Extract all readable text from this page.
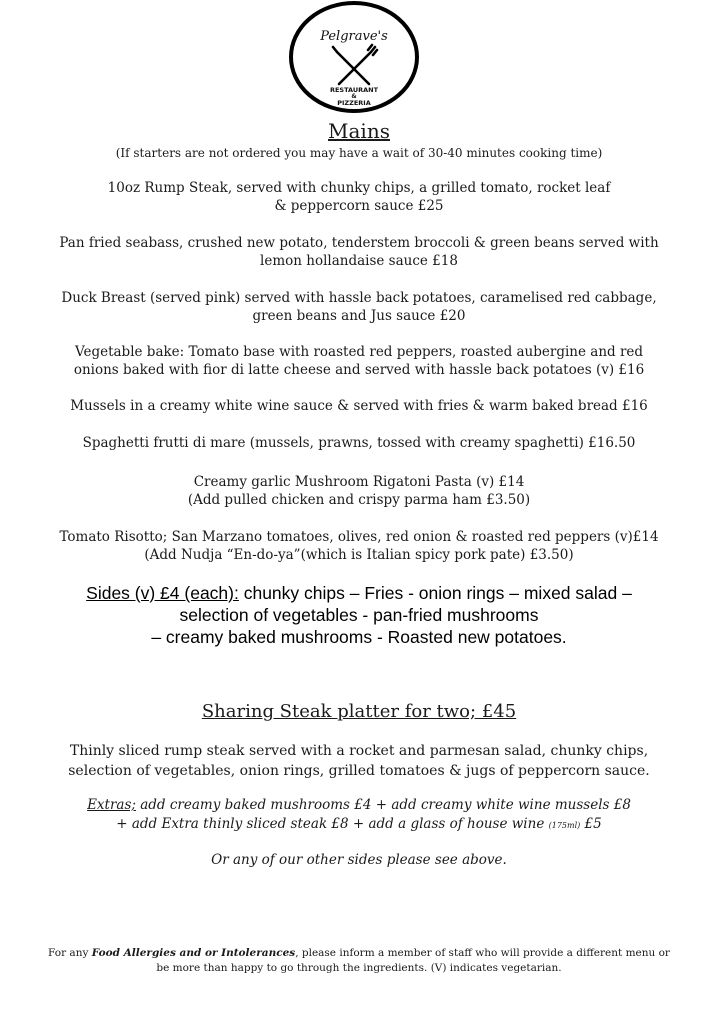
Pelgrave's
RESTAURANT
&
PIZZERIA
Mains
(If starters are not ordered you may have a wait of 30-40 minutes cooking time)
10oz Rump Steak, served with chunky chips, a grilled tomato, rocket leaf
& peppercorn sauce £25
Pan fried seabass, crushed new potato, tenderstem broccoli & green beans served with
lemon hollandaise sauce £18
Duck Breast (served pink) served with hassle back potatoes, caramelised red cabbage,
green beans and Jus sauce £20
Vegetable bake: Tomato base with roasted red peppers, roasted aubergine and red
onions baked with fior di latte cheese and served with hassle back potatoes (v) £16
Mussels in a creamy white wine sauce & served with fries & warm baked bread £16
Spaghetti frutti di mare (mussels, prawns, tossed with creamy spaghetti) £16.50
Creamy garlic Mushroom Rigatoni Pasta (v) £14
(Add pulled chicken and crispy parma ham £3.50)
Tomato Risotto; San Marzano tomatoes, olives, red onion & roasted red peppers (v)£14
(Add Nudja “En-do-ya”(which is Italian spicy pork pate) £3.50)
Sides (v) £4 (each): chunky chips – Fries - onion rings – mixed salad –
selection of vegetables - pan-fried mushrooms
– creamy baked mushrooms - Roasted new potatoes.
Sharing Steak platter for two; £45
Thinly sliced rump steak served with a rocket and parmesan salad, chunky chips,
selection of vegetables, onion rings, grilled tomatoes & jugs of peppercorn sauce.
Extras; add creamy baked mushrooms £4 + add creamy white wine mussels £8
+ add Extra thinly sliced steak £8 + add a glass of house wine (175ml) £5
Or any of our other sides please see above.
For any Food Allergies and or Intolerances, please inform a member of staff who will provide a different menu or
be more than happy to go through the ingredients. (V) indicates vegetarian.
